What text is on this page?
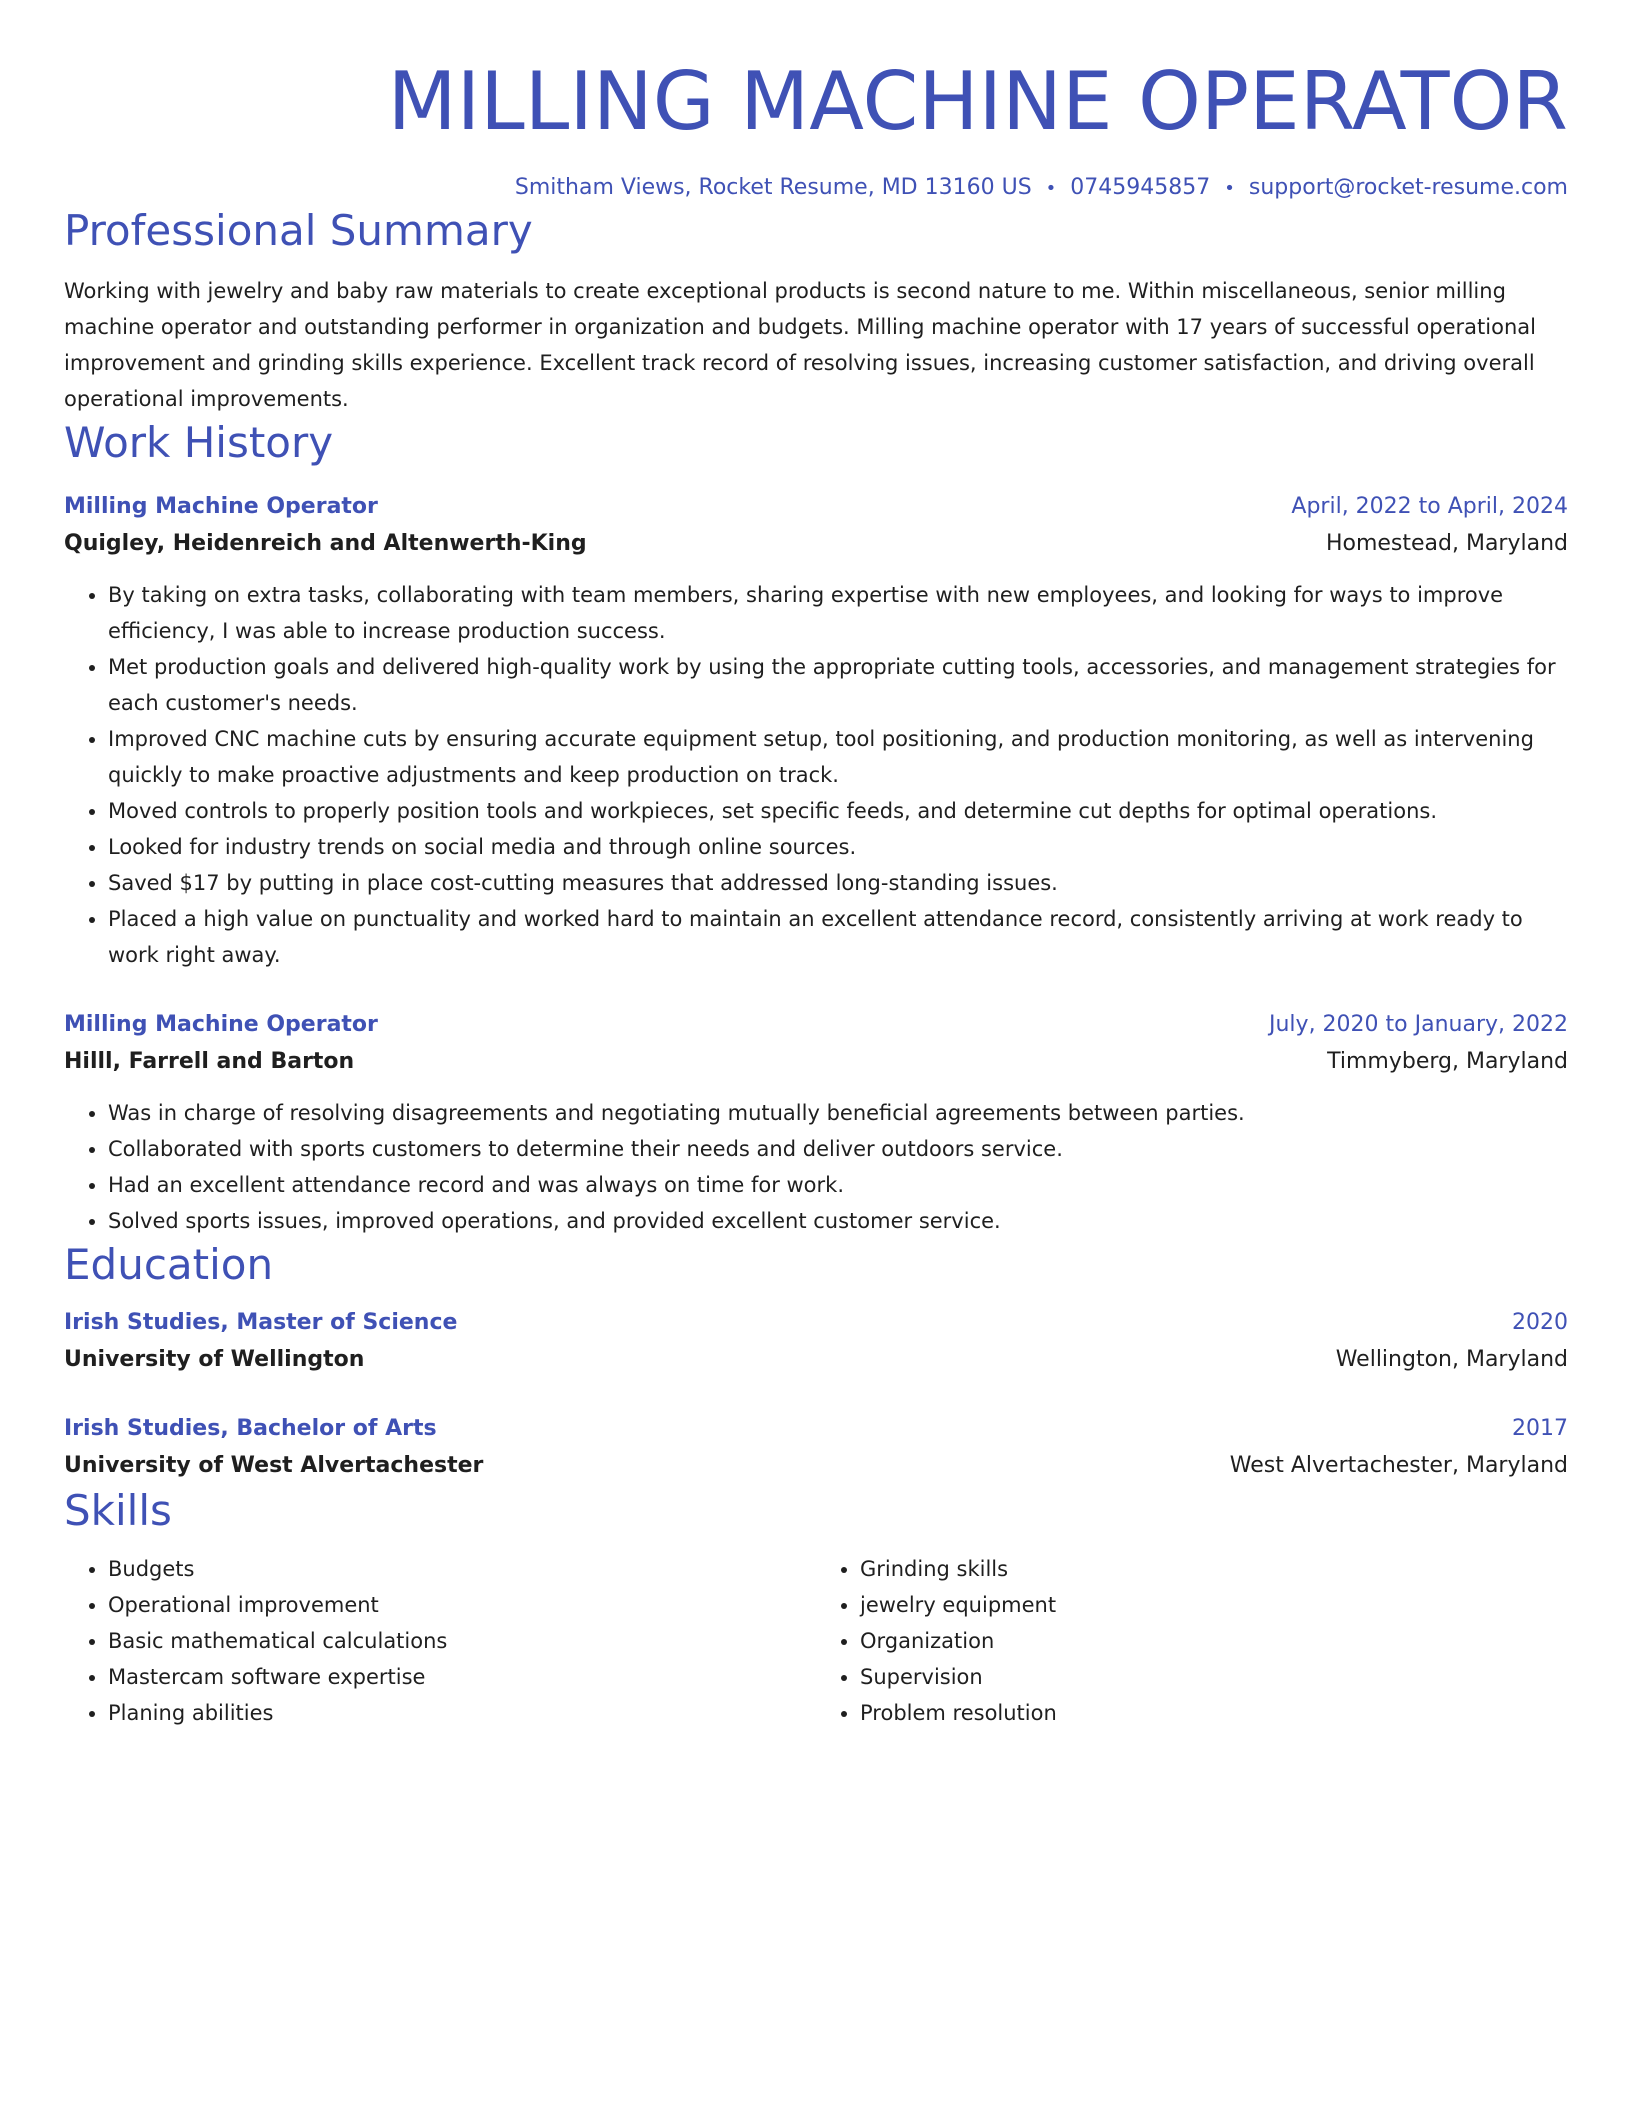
MILLING MACHINE OPERATOR
Smitham Views, Rocket Resume, MD 13160 US • 0745945857 • support@rocket-resume.com
Professional Summary

Working with jewelry and baby raw materials to create exceptional products is second nature to me. Within miscellaneous, senior milling machine operator and outstanding performer in organization and budgets. Milling machine operator with 17 years of successful operational improvement and grinding skills experience. Excellent track record of resolving issues, increasing customer satisfaction, and driving overall operational improvements.

Work History
Milling Machine Operator	April, 2022 to April, 2024
Quigley, Heidenreich and Altenwerth-King	Homestead, Maryland
• By taking on extra tasks, collaborating with team members, sharing expertise with new employees, and looking for ways to improve efficiency, I was able to increase production success.
• Met production goals and delivered high-quality work by using the appropriate cutting tools, accessories, and management strategies for each customer's needs.
• Improved CNC machine cuts by ensuring accurate equipment setup, tool positioning, and production monitoring, as well as intervening quickly to make proactive adjustments and keep production on track.
• Moved controls to properly position tools and workpieces, set specific feeds, and determine cut depths for optimal operations.
• Looked for industry trends on social media and through online sources.
• Saved $17 by putting in place cost-cutting measures that addressed long-standing issues.
• Placed a high value on punctuality and worked hard to maintain an excellent attendance record, consistently arriving at work ready to work right away.
Milling Machine Operator	July, 2020 to January, 2022
Hilll, Farrell and Barton	Timmyberg, Maryland
• Was in charge of resolving disagreements and negotiating mutually beneficial agreements between parties.
• Collaborated with sports customers to determine their needs and deliver outdoors service.
• Had an excellent attendance record and was always on time for work.
• Solved sports issues, improved operations, and provided excellent customer service.
Education
Irish Studies, Master of Science	2020
University of Wellington	Wellington, Maryland
Irish Studies, Bachelor of Arts	2017
University of West Alvertachester	West Alvertachester, Maryland
Skills
• Budgets
• Operational improvement
• Basic mathematical calculations
• Mastercam software expertise
• Planing abilities
• Grinding skills
• jewelry equipment
• Organization
• Supervision
• Problem resolution
